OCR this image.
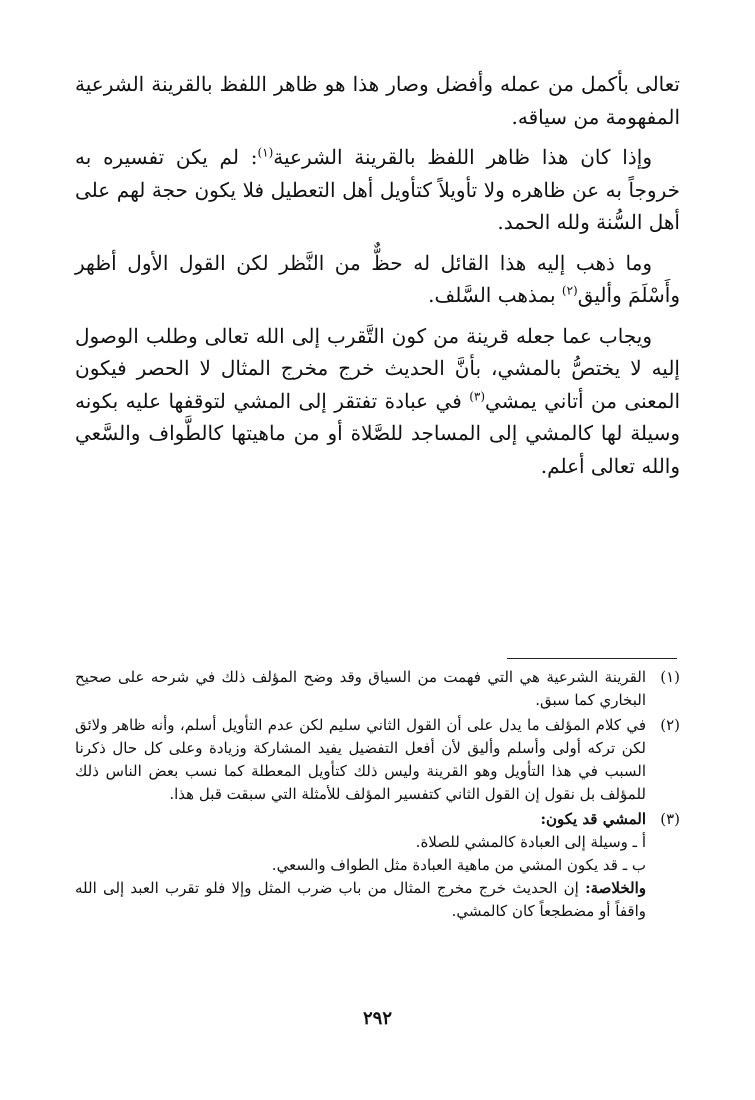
تعالى بأكمل من عمله وأفضل وصار هذا هو ظاهر اللفظ بالقرينة الشرعية المفهومة من سياقه.

وإذا كان هذا ظاهر اللفظ بالقرينة الشرعية$^{(١)}$: لم يكن تفسيره به خروجاً به عن ظاهره ولا تأويلاً كتأويل أهل التعطيل فلا يكون حجة لهم على أهل السُّنة ولله الحمد.

وما ذهب إليه هذا القائل له حظٌّ من النَّظر لكن القول الأول أظهر وأَسْلَمَ وأليق$^{(٢)}$ بمذهب السَّلف.

ويجاب عما جعله قرينة من كون التَّقرب إلى الله تعالى وطلب الوصول إليه لا يختصُّ بالمشي، بأنَّ الحديث خرج مخرج المثال لا الحصر فيكون المعنى من أتاني يمشي$^{(٣)}$ في عبادة تفتقر إلى المشي لتوقفها عليه بكونه وسيلة لها كالمشي إلى المساجد للصَّلاة أو من ماهيتها كالطَّواف والسَّعي والله تعالى أعلم.

(١)
القرينة الشرعية هي التي فهمت من السياق وقد وضح المؤلف ذلك في شرحه على صحيح البخاري كما سبق.
(٢)
في كلام المؤلف ما يدل على أن القول الثاني سليم لكن عدم التأويل أسلم، وأنه ظاهر ولائق لكن تركه أولى وأسلم وأليق لأن أفعل التفضيل يفيد المشاركة وزيادة وعلى كل حال ذكرنا السبب في هذا التأويل وهو القرينة وليس ذلك كتأويل المعطلة كما نسب بعض الناس ذلك للمؤلف بل نقول إن القول الثاني كتفسير المؤلف للأمثلة التي سبقت قبل هذا.
(٣)
المشي قد يكون:
أ ـ وسيلة إلى العبادة كالمشي للصلاة.
ب ـ قد يكون المشي من ماهية العبادة مثل الطواف والسعي.
والخلاصة: إن الحديث خرج مخرج المثال من باب ضرب المثل وإلا فلو تقرب العبد إلى الله واقفاً أو مضطجعاً كان كالمشي.
٢٩٢
